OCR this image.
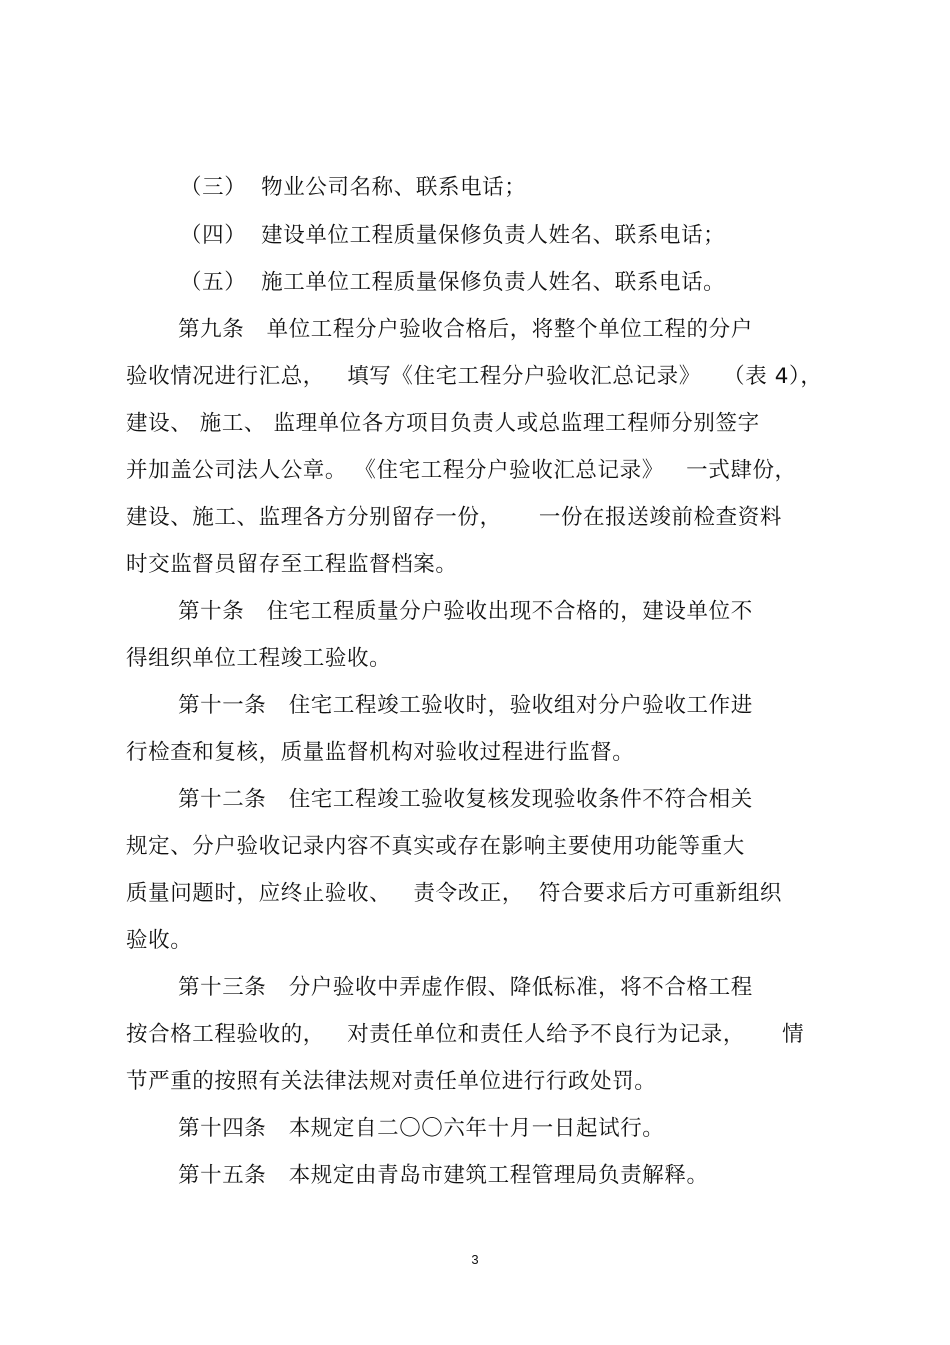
（三）  物业公司名称、联系电话；
（四）  建设单位工程质量保修负责人姓名、联系电话；
（五）  施工单位工程质量保修负责人姓名、联系电话。
第九条   单位工程分户验收合格后，将整个单位工程的分户
验收情况进行汇总，   填写《住宅工程分户验收汇总记录》   （表 4），
建设、 施工、 监理单位各方项目负责人或总监理工程师分别签字
并加盖公司法人公章。 《住宅工程分户验收汇总记录》   一式肆份，
建设、施工、监理各方分别留存一份，     一份在报送竣前检查资料
时交监督员留存至工程监督档案。
第十条   住宅工程质量分户验收出现不合格的，建设单位不
得组织单位工程竣工验收。
第十一条   住宅工程竣工验收时，验收组对分户验收工作进
行检查和复核，质量监督机构对验收过程进行监督。
第十二条   住宅工程竣工验收复核发现验收条件不符合相关
规定、分户验收记录内容不真实或存在影响主要使用功能等重大
质量问题时，应终止验收、   责令改正，  符合要求后方可重新组织
验收。
第十三条   分户验收中弄虚作假、降低标准，将不合格工程
按合格工程验收的，   对责任单位和责任人给予不良行为记录，     情
节严重的按照有关法律法规对责任单位进行行政处罚。
第十四条   本规定自二〇〇六年十月一日起试行。
第十五条   本规定由青岛市建筑工程管理局负责解释。
3
